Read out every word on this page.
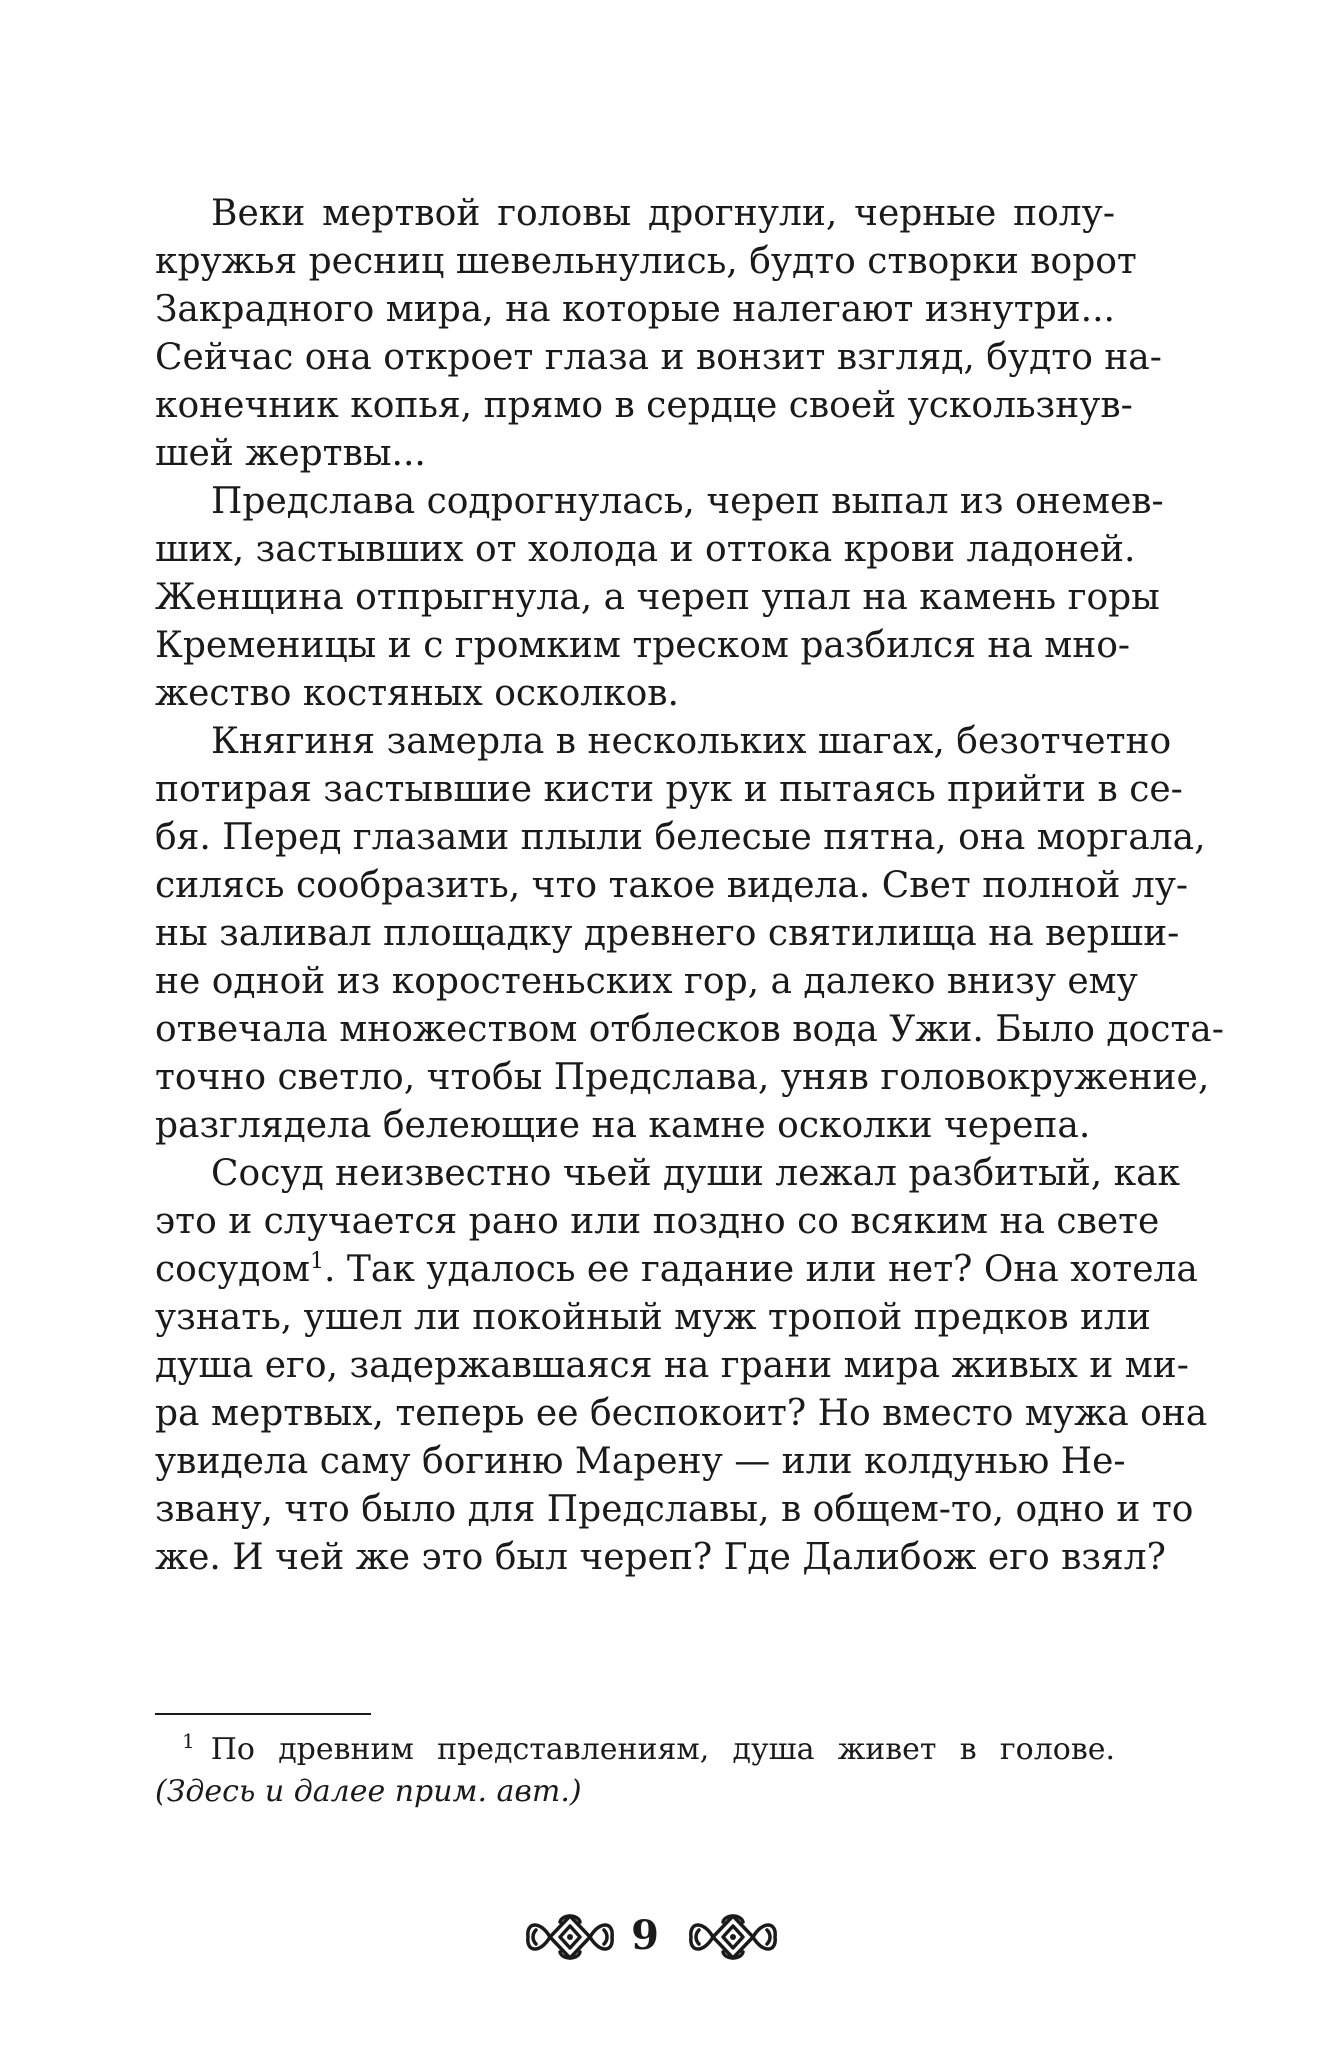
Веки мертвой головы дрогнули, черные полу-
кружья ресниц шевельнулись, будто створки ворот
Закрадного мира, на которые налегают изнутри...
Сейчас она откроет глаза и вонзит взгляд, будто на-
конечник копья, прямо в сердце своей ускользнув-
шей жертвы...
Предслава содрогнулась, череп выпал из онемев-
ших, застывших от холода и оттока крови ладоней.
Женщина отпрыгнула, а череп упал на камень горы
Кременицы и с громким треском разбился на мно-
жество костяных осколков.
Княгиня замерла в нескольких шагах, безотчетно
потирая застывшие кисти рук и пытаясь прийти в се-
бя. Перед глазами плыли белесые пятна, она моргала,
силясь сообразить, что такое видела. Свет полной лу-
ны заливал площадку древнего святилища на верши-
не одной из коростеньских гор, а далеко внизу ему
отвечала множеством отблесков вода Ужи. Было доста-
точно светло, чтобы Предслава, уняв головокружение,
разглядела белеющие на камне осколки черепа.
Сосуд неизвестно чьей души лежал разбитый, как
это и случается рано или поздно со всяким на свете
сосудом$^1$. Так удалось ее гадание или нет? Она хотела
узнать, ушел ли покойный муж тропой предков или
душа его, задержавшаяся на грани мира живых и ми-
ра мертвых, теперь ее беспокоит? Но вместо мужа она
увидела саму богиню Марену — или колдунью Не-
звану, что было для Предславы, в общем-то, одно и то
же. И чей же это был череп? Где Далибож его взял?
$^1$ По древним представлениям, душа живет в голове.
(Здесь и далее прим. авт.)
9
